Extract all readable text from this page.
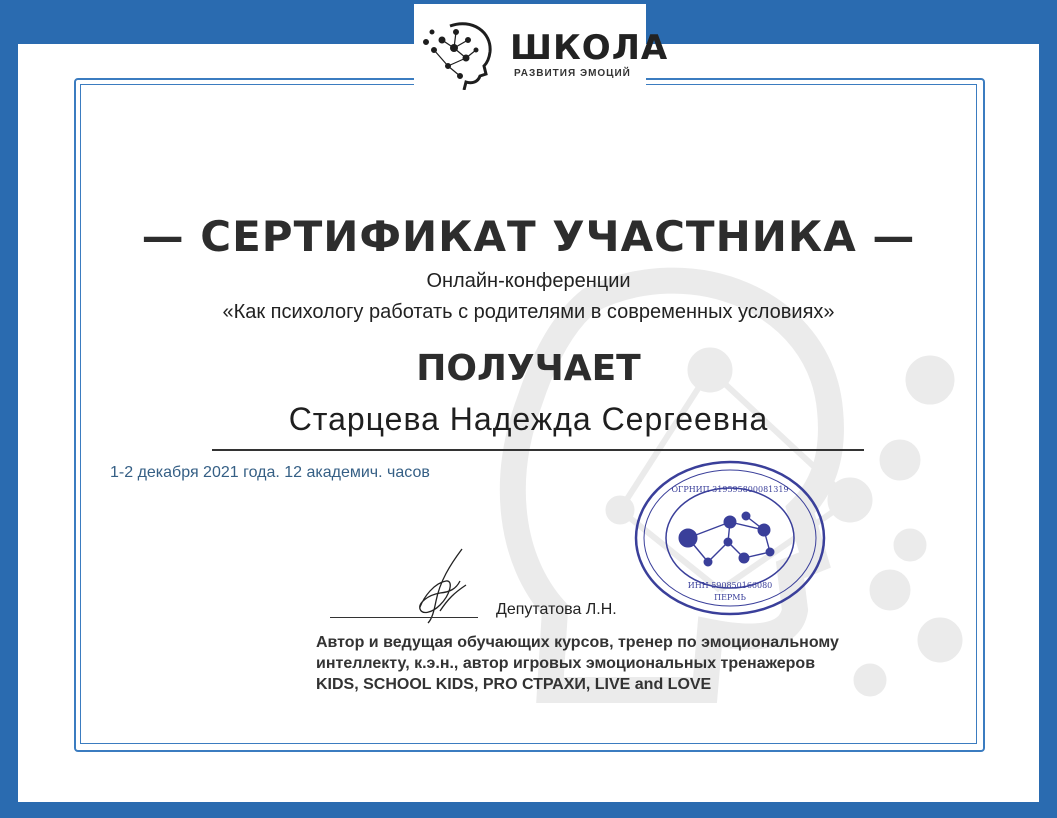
ШКОЛА
РАЗВИТИЯ ЭМОЦИЙ
— СЕРТИФИКАТ УЧАСТНИКА —
Онлайн-конференции
«Как психологу работать с родителями в современных условиях»
ПОЛУЧАЕТ
Старцева Надежда Сергеевна
1-2 декабря 2021 года. 12 академич. часов
ОГРНИП 319595800081319
ИНН 590850166080
ПЕРМЬ
Депутатова Л.Н.
Автор и ведущая обучающих курсов, тренер по эмоциональному
интеллекту, к.э.н., автор игровых эмоциональных тренажеров
KIDS, SCHOOL KIDS, PRO СТРАХИ, LIVE and LOVE
